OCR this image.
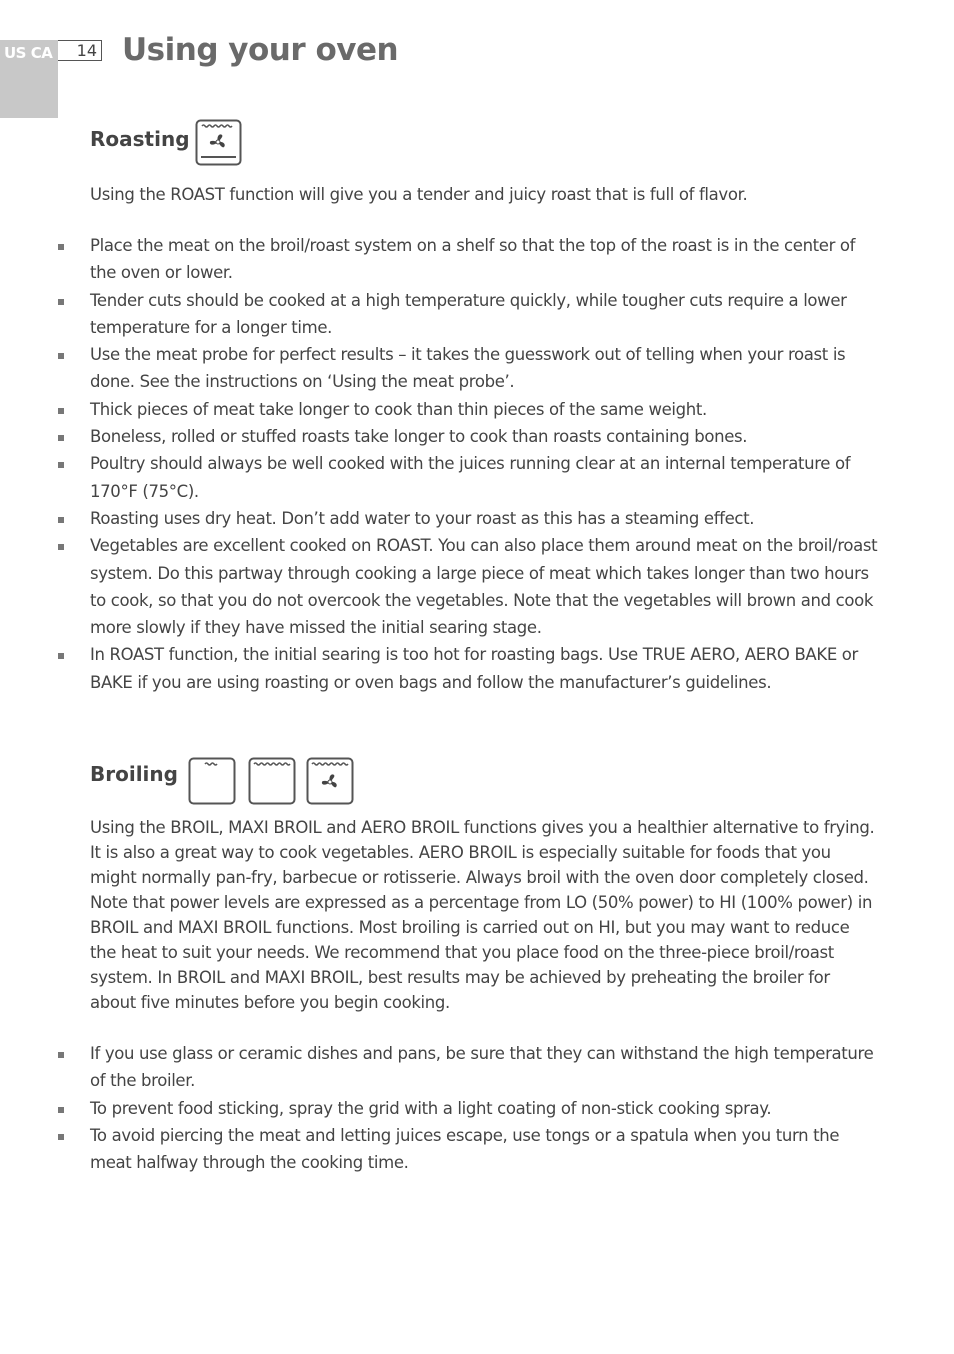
US CA 14 Using your oven
Roasting

Using the ROAST function will give you a tender and juicy roast that is full of flavor.

Place the meat on the broil/roast system on a shelf so that the top of the roast is in the center of the oven or lower.
Tender cuts should be cooked at a high temperature quickly, while tougher cuts require a lower temperature for a longer time.
Use the meat probe for perfect results – it takes the guesswork out of telling when your roast is done. See the instructions on ‘Using the meat probe’.
Thick pieces of meat take longer to cook than thin pieces of the same weight.
Boneless, rolled or stuffed roasts take longer to cook than roasts containing bones.
Poultry should always be well cooked with the juices running clear at an internal temperature of 170°F (75°C).
Roasting uses dry heat. Don’t add water to your roast as this has a steaming effect.
Vegetables are excellent cooked on ROAST. You can also place them around meat on the broil/roast system. Do this partway through cooking a large piece of meat which takes longer than two hours to cook, so that you do not overcook the vegetables. Note that the vegetables will brown and cook more slowly if they have missed the initial searing stage.
In ROAST function, the initial searing is too hot for roasting bags. Use TRUE AERO, AERO BAKE or BAKE if you are using roasting or oven bags and follow the manufacturer’s guidelines.
Broiling

Using the BROIL, MAXI BROIL and AERO BROIL functions gives you a healthier alternative to frying. It is also a great way to cook vegetables. AERO BROIL is especially suitable for foods that you might normally pan-fry, barbecue or rotisserie. Always broil with the oven door completely closed. Note that power levels are expressed as a percentage from LO (50% power) to HI (100% power) in BROIL and MAXI BROIL functions. Most broiling is carried out on HI, but you may want to reduce the heat to suit your needs. We recommend that you place food on the three-piece broil/roast system. In BROIL and MAXI BROIL, best results may be achieved by preheating the broiler for about five minutes before you begin cooking.

If you use glass or ceramic dishes and pans, be sure that they can withstand the high temperature of the broiler.
To prevent food sticking, spray the grid with a light coating of non-stick cooking spray.
To avoid piercing the meat and letting juices escape, use tongs or a spatula when you turn the meat halfway through the cooking time.
